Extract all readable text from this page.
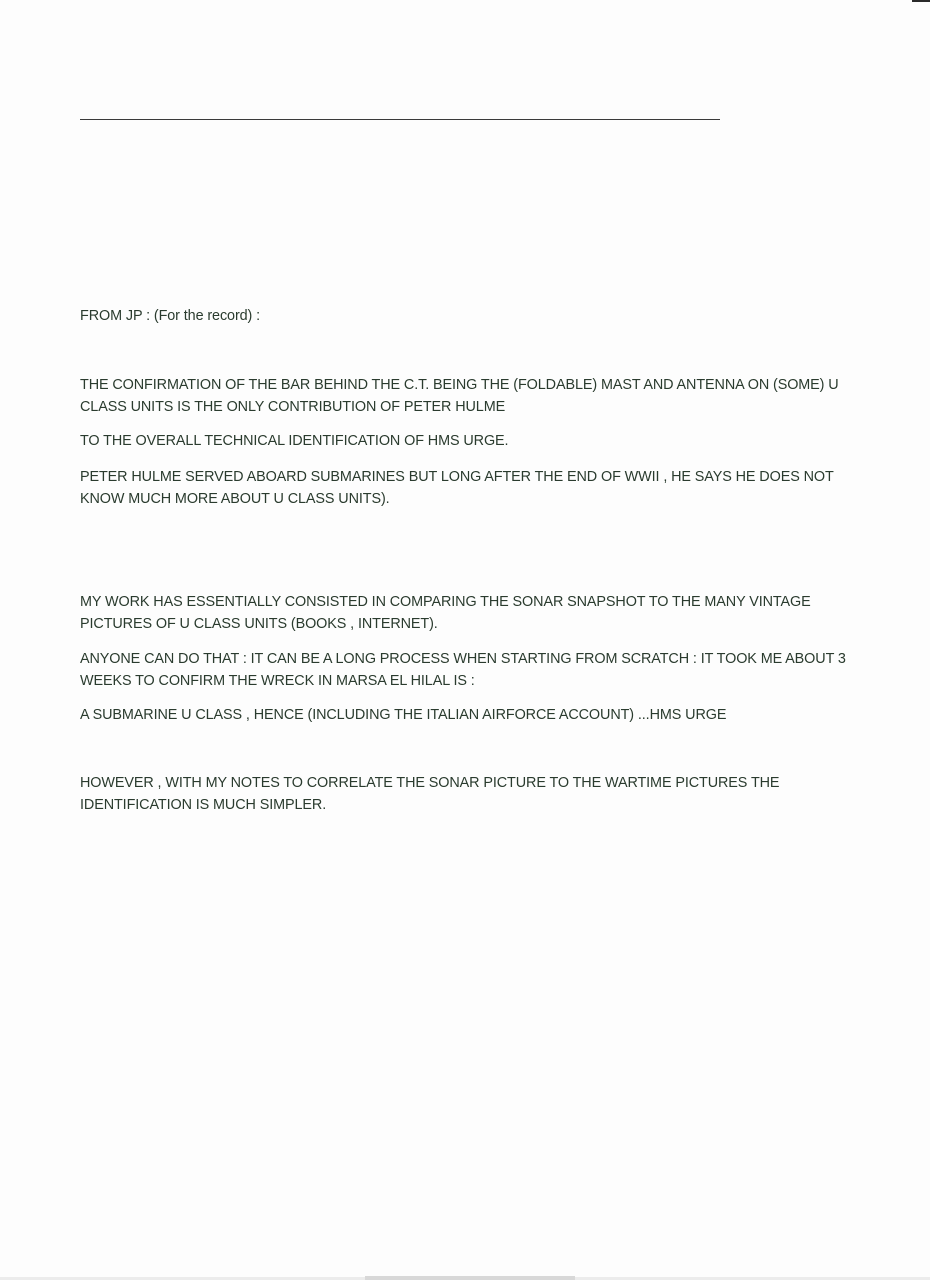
FROM JP : (For the record) :

THE CONFIRMATION OF THE BAR BEHIND THE C.T. BEING THE (FOLDABLE) MAST AND ANTENNA ON (SOME) U CLASS UNITS IS THE ONLY CONTRIBUTION OF PETER HULME

TO THE OVERALL TECHNICAL IDENTIFICATION OF HMS URGE.

PETER HULME SERVED ABOARD SUBMARINES BUT LONG AFTER THE END OF WWII , HE SAYS HE DOES NOT KNOW MUCH MORE ABOUT U CLASS UNITS).

MY WORK HAS ESSENTIALLY CONSISTED IN COMPARING THE SONAR SNAPSHOT TO THE MANY VINTAGE PICTURES OF U CLASS UNITS (BOOKS , INTERNET).

ANYONE CAN DO THAT : IT CAN BE A LONG PROCESS WHEN STARTING FROM SCRATCH : IT TOOK ME ABOUT 3 WEEKS TO CONFIRM THE WRECK IN MARSA EL HILAL IS :

A SUBMARINE U CLASS , HENCE (INCLUDING THE ITALIAN AIRFORCE ACCOUNT) ...HMS URGE

HOWEVER , WITH MY NOTES TO CORRELATE THE SONAR PICTURE TO THE WARTIME PICTURES THE IDENTIFICATION IS MUCH SIMPLER.
